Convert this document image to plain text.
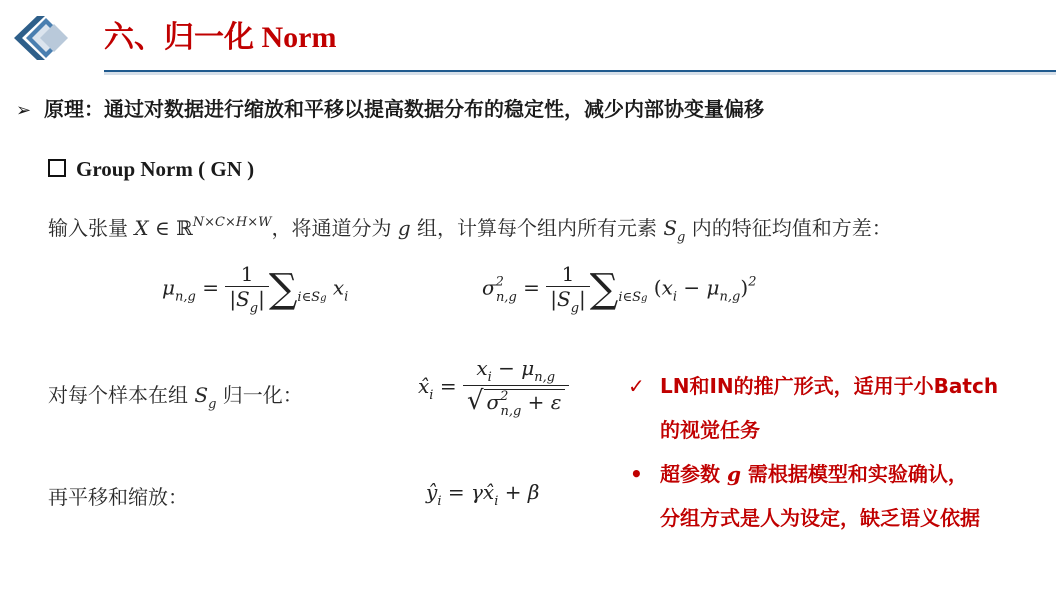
六、归一化 Norm
➢ 原理：通过对数据进行缩放和平移以提高数据分布的稳定性，减少内部协变量偏移
Group Norm ( GN )
输入张量 X ∈ ℝ$^{N\times C\times H\times W}$，将通道分为 g 组，计算每个组内所有元素 $S_g$ 内的特征均值和方差：
$\mu_{n,g} = \frac{1}{|S_g|} \sum_{i\in Sg}$ $x_i$	$\sigma^2_{n,g} = \frac{1}{|S_g|} \sum_{i\in Sg}$ $(x_i - \mu_{n,g})^2$
对每个样本在组 $S_g$ 归一化：	$x̂_i = \frac{x_i - \mu_{n,g}}{√ \sigma^2_{n,g} + \varepsilon}$
再平移和缩放：	$ŷ_i$ = $\gamma x̂_i + \beta$
✓ LN和IN的推广形式，适用于小Batch
的视觉任务
• 超参数 g 需根据模型和实验确认，
分组方式是人为设定，缺乏语义依据
